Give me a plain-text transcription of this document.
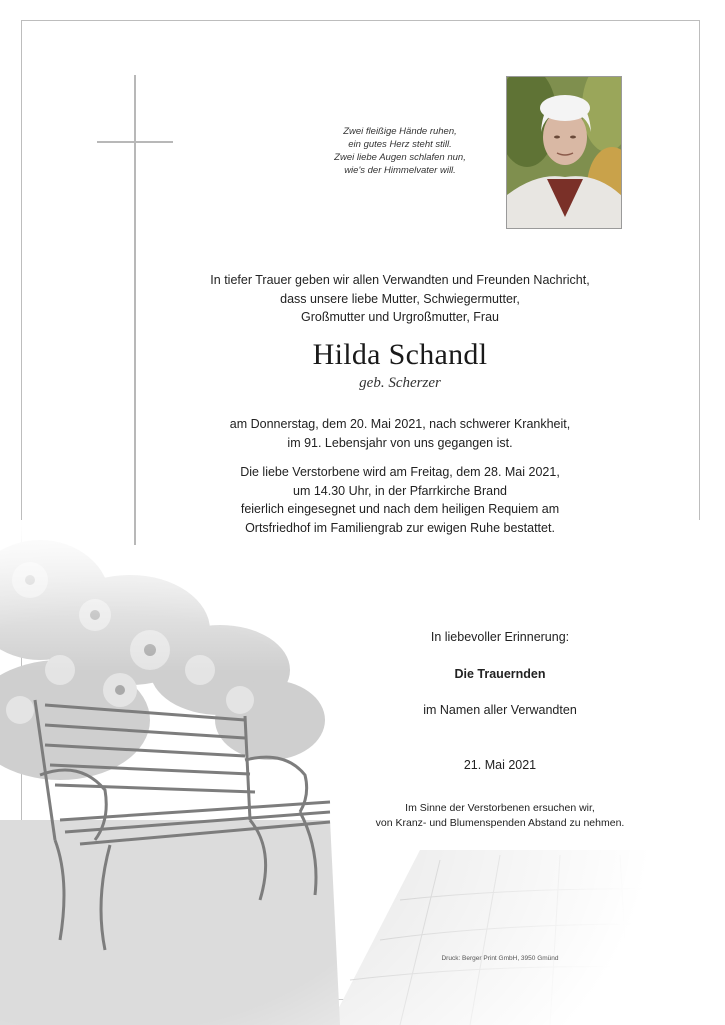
Zwei fleißige Hände ruhen,
ein gutes Herz steht still.
Zwei liebe Augen schlafen nun,
wie's der Himmelvater will.
In tiefer Trauer geben wir allen Verwandten und Freunden Nachricht,
dass unsere liebe Mutter, Schwiegermutter,
Großmutter und Urgroßmutter, Frau
Hilda Schandl
geb. Scherzer
am Donnerstag, dem 20. Mai 2021, nach schwerer Krankheit,
im 91. Lebensjahr von uns gegangen ist.
Die liebe Verstorbene wird am Freitag, dem 28. Mai 2021,
um 14.30 Uhr, in der Pfarrkirche Brand
feierlich eingesegnet und nach dem heiligen Requiem am
Ortsfriedhof im Familiengrab zur ewigen Ruhe bestattet.
In liebevoller Erinnerung:
Die Trauernden
im Namen aller Verwandten
21. Mai 2021
Im Sinne der Verstorbenen ersuchen wir,
von Kranz- und Blumenspenden Abstand zu nehmen.
Druck: Berger Print GmbH, 3950 Gmünd
